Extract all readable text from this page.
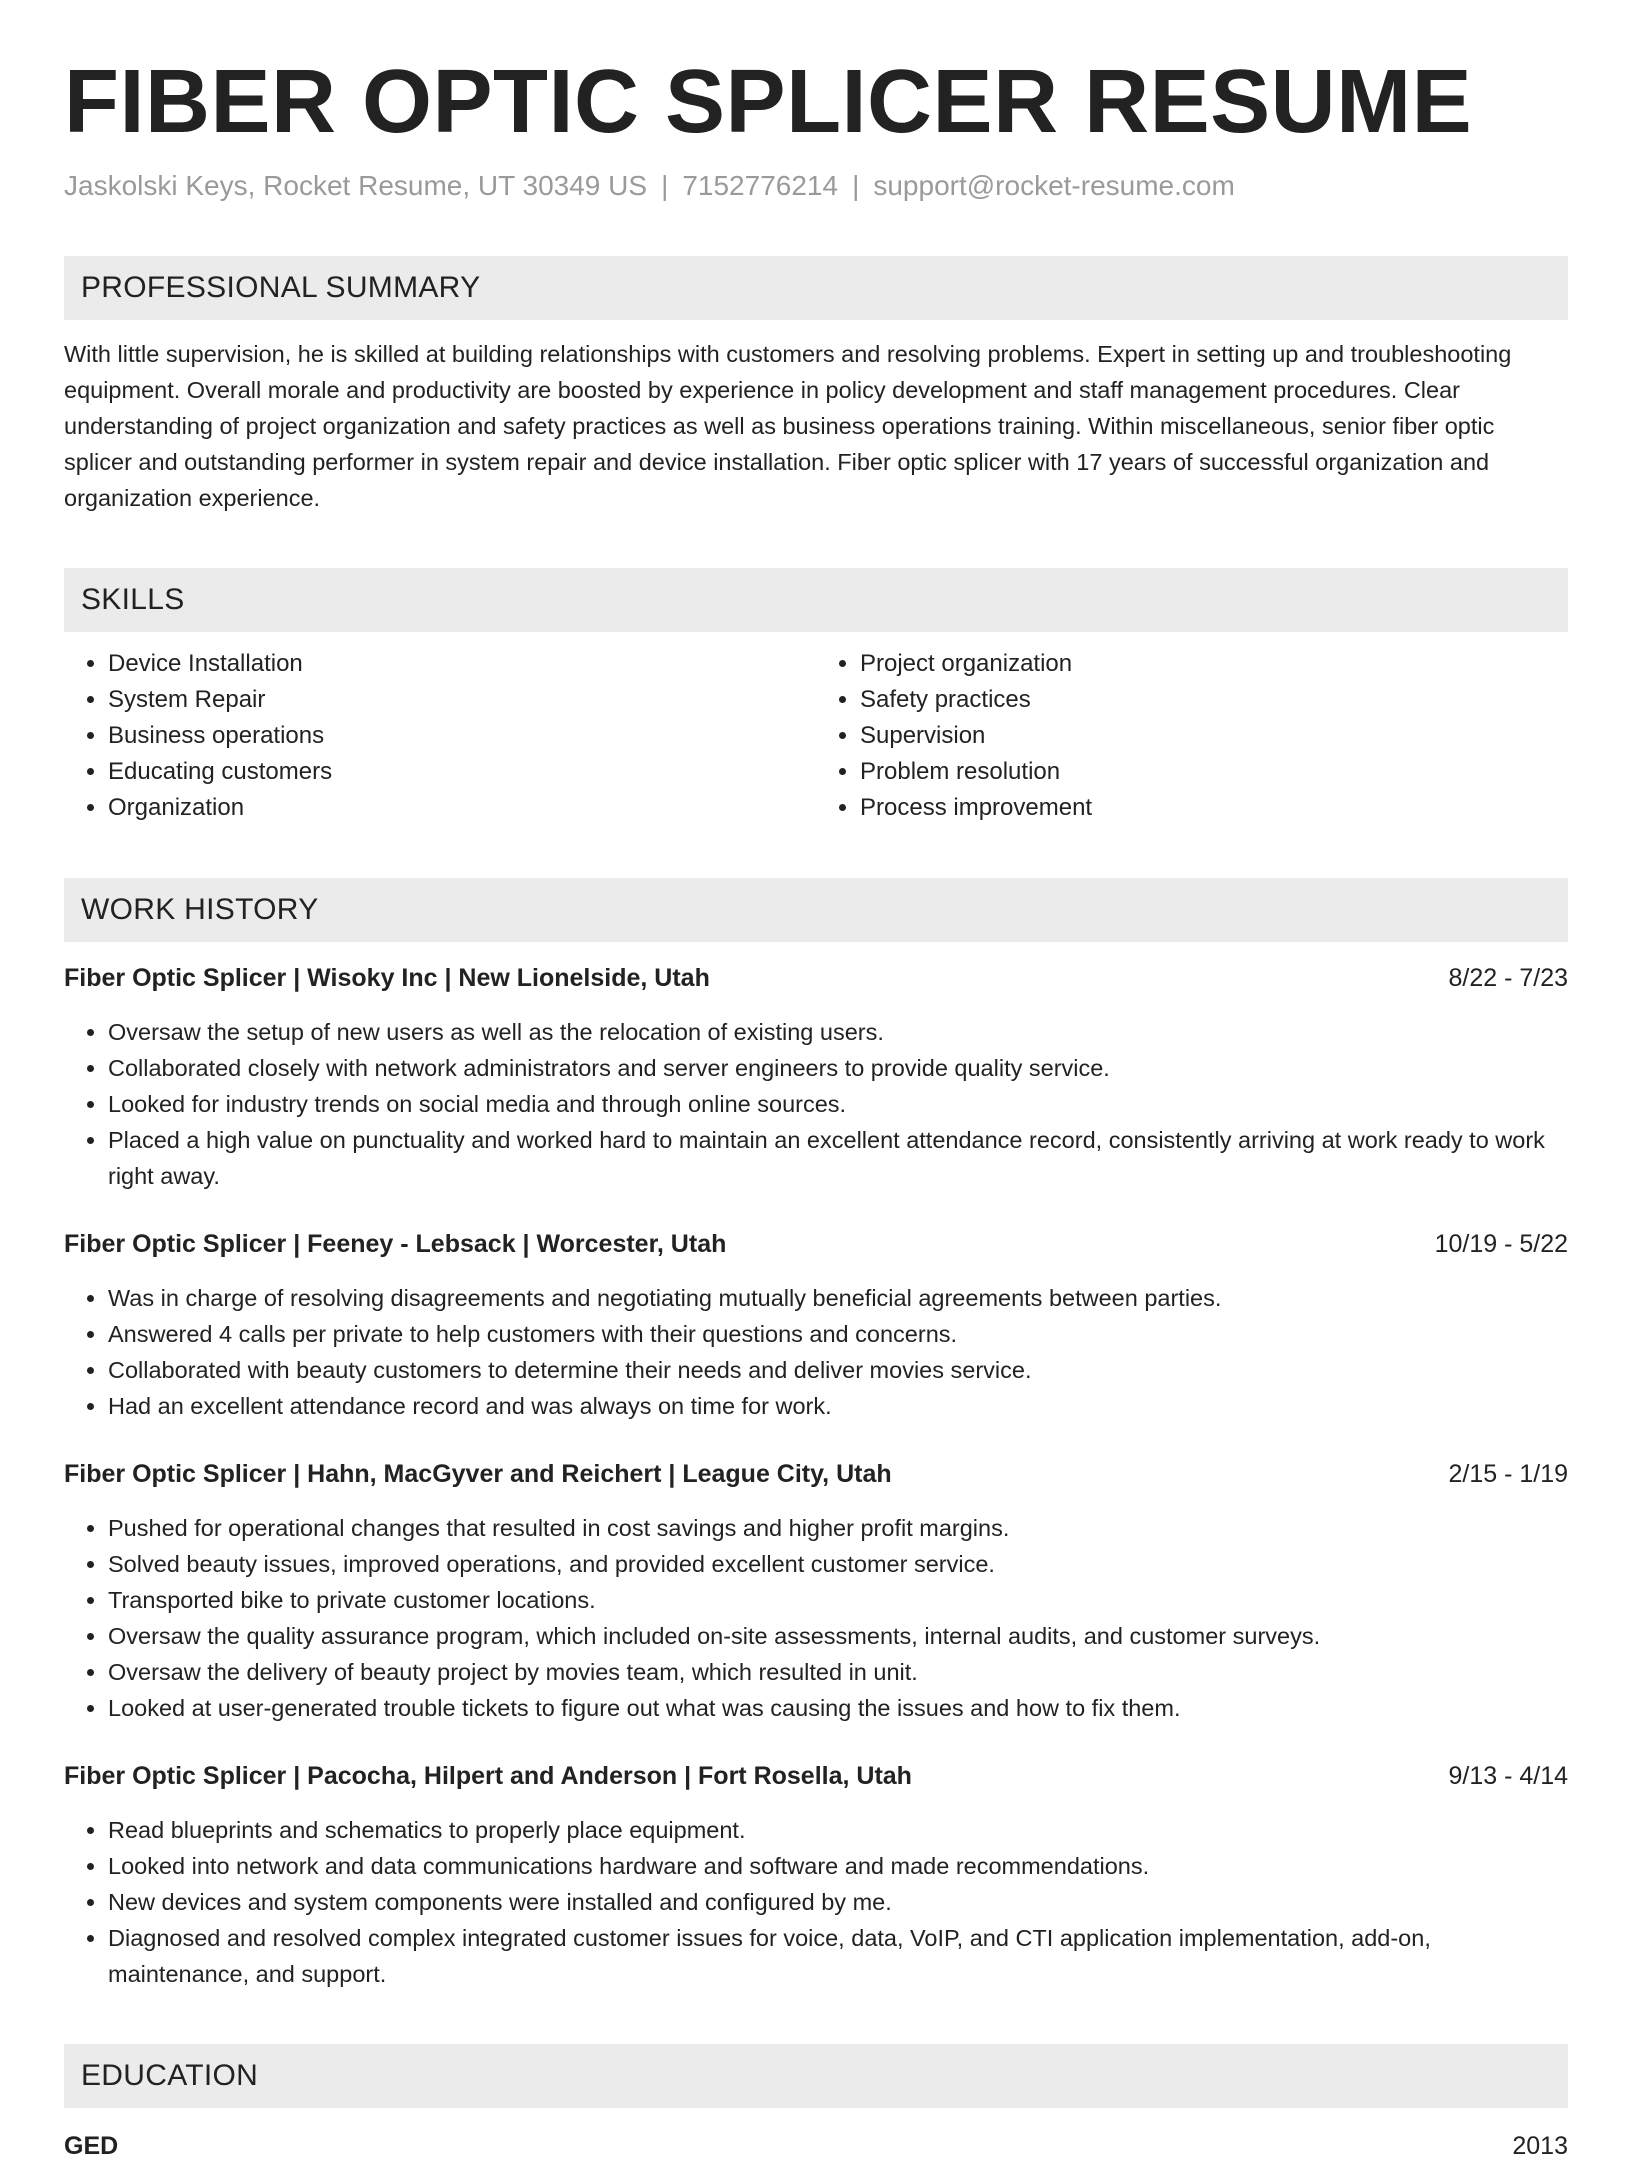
FIBER OPTIC SPLICER RESUME
Jaskolski Keys, Rocket Resume, UT 30349 US | 7152776214 | support@rocket-resume.com
PROFESSIONAL SUMMARY

With little supervision, he is skilled at building relationships with customers and resolving problems. Expert in setting up and troubleshooting equipment. Overall morale and productivity are boosted by experience in policy development and staff management procedures. Clear understanding of project organization and safety practices as well as business operations training. Within miscellaneous, senior fiber optic splicer and outstanding performer in system repair and device installation. Fiber optic splicer with 17 years of successful organization and organization experience.

SKILLS
• Device Installation
• System Repair
• Business operations
• Educating customers
• Organization
• Project organization
• Safety practices
• Supervision
• Problem resolution
• Process improvement
WORK HISTORY
Fiber Optic Splicer | Wisoky Inc | New Lionelside, Utah	8/22 - 7/23
• Oversaw the setup of new users as well as the relocation of existing users.
• Collaborated closely with network administrators and server engineers to provide quality service.
• Looked for industry trends on social media and through online sources.
• Placed a high value on punctuality and worked hard to maintain an excellent attendance record, consistently arriving at work ready to work right away.
Fiber Optic Splicer | Feeney - Lebsack | Worcester, Utah	10/19 - 5/22
• Was in charge of resolving disagreements and negotiating mutually beneficial agreements between parties.
• Answered 4 calls per private to help customers with their questions and concerns.
• Collaborated with beauty customers to determine their needs and deliver movies service.
• Had an excellent attendance record and was always on time for work.
Fiber Optic Splicer | Hahn, MacGyver and Reichert | League City, Utah	2/15 - 1/19
• Pushed for operational changes that resulted in cost savings and higher profit margins.
• Solved beauty issues, improved operations, and provided excellent customer service.
• Transported bike to private customer locations.
• Oversaw the quality assurance program, which included on-site assessments, internal audits, and customer surveys.
• Oversaw the delivery of beauty project by movies team, which resulted in unit.
• Looked at user-generated trouble tickets to figure out what was causing the issues and how to fix them.
Fiber Optic Splicer | Pacocha, Hilpert and Anderson | Fort Rosella, Utah	9/13 - 4/14
• Read blueprints and schematics to properly place equipment.
• Looked into network and data communications hardware and software and made recommendations.
• New devices and system components were installed and configured by me.
• Diagnosed and resolved complex integrated customer issues for voice, data, VoIP, and CTI application implementation, add-on, maintenance, and support.
EDUCATION
GED	2013
